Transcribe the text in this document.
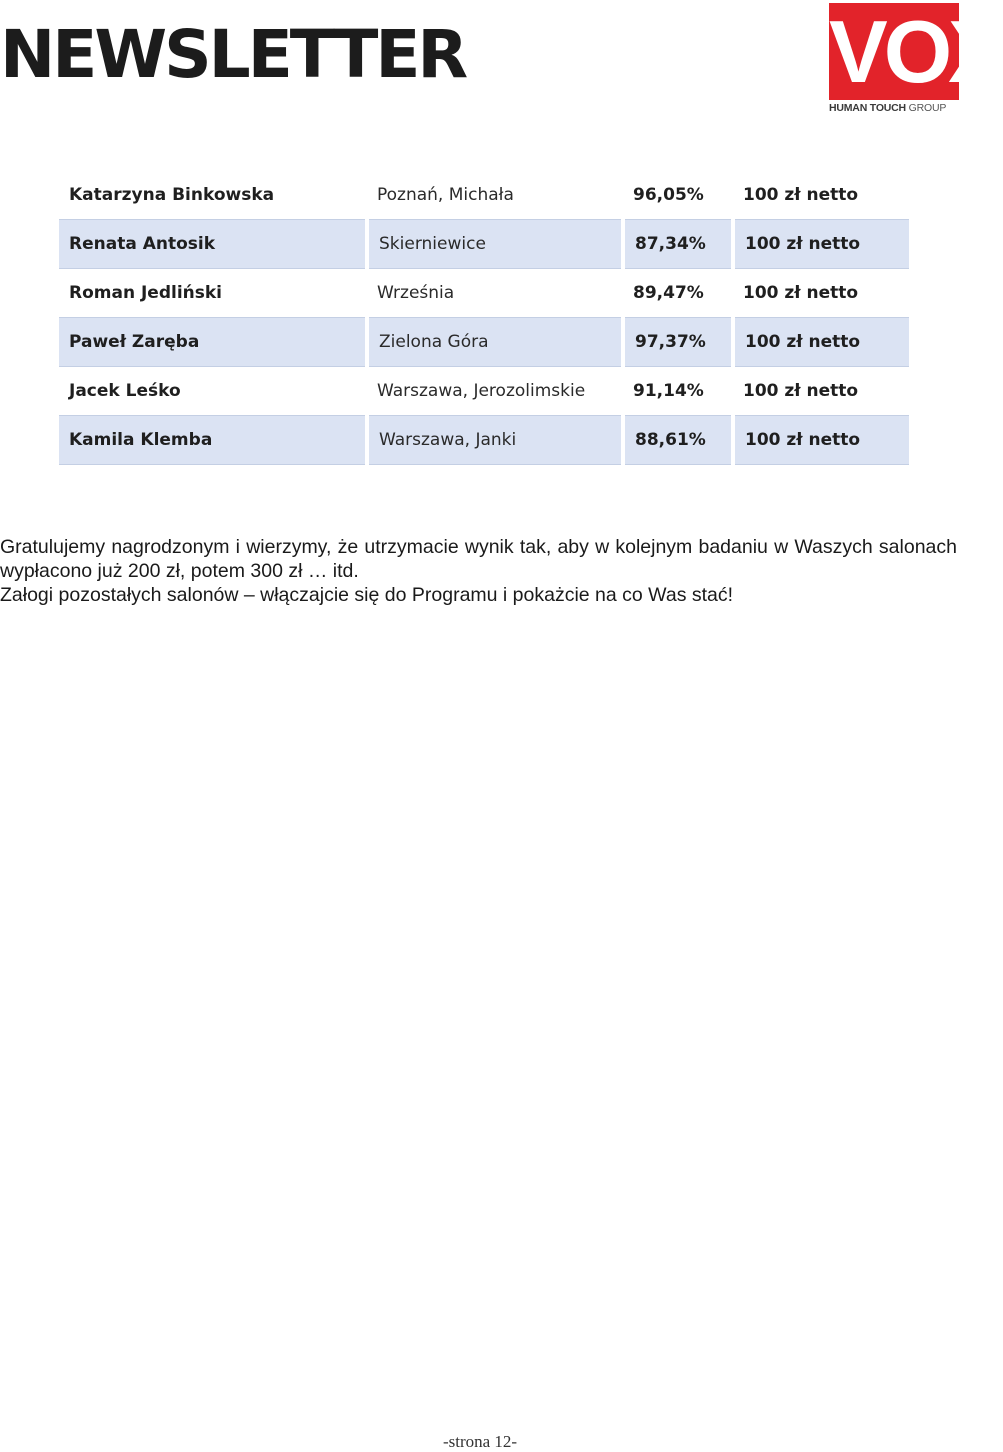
NEWSLETTER	VOX
HUMAN TOUCH GROUP
Katarzyna Binkowska	Poznań, Michała	96,05%	100 zł netto
Renata Antosik	Skierniewice	87,34%	100 zł netto
Roman Jedliński	Września	89,47%	100 zł netto
Paweł Zaręba	Zielona Góra	97,37%	100 zł netto
Jacek Leśko	Warszawa, Jerozolimskie	91,14%	100 zł netto
Kamila Klemba	Warszawa, Janki	88,61%	100 zł netto

Gratulujemy nagrodzonym i wierzymy, że utrzymacie wynik tak, aby w kolejnym badaniu w Waszych salonach wypłacono już 200 zł, potem 300 zł … itd.

Załogi pozostałych salonów – włączajcie się do Programu i pokażcie na co Was stać!

-strona 12-
